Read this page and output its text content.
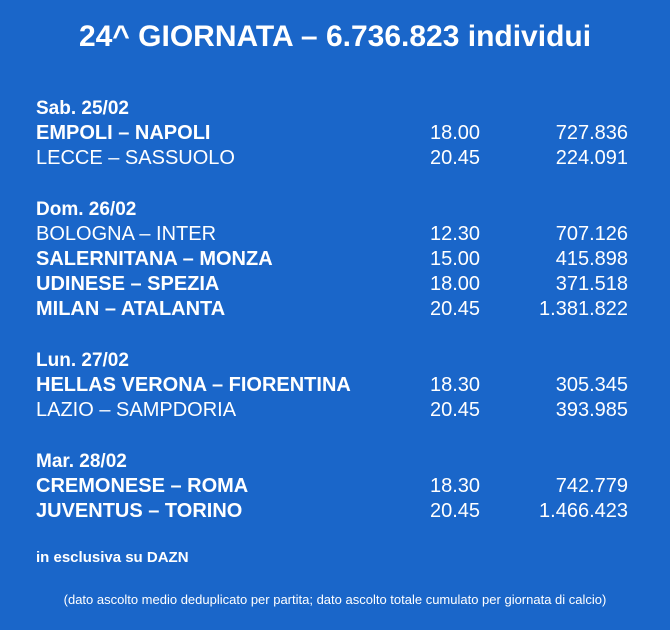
24^ GIORNATA – 6.736.823 individui
Sab. 25/02
EMPOLI – NAPOLI	18.00	727.836
LECCE – SASSUOLO	20.45	224.091
Dom. 26/02
BOLOGNA – INTER	12.30	707.126
SALERNITANA – MONZA	15.00	415.898
UDINESE – SPEZIA	18.00	371.518
MILAN – ATALANTA	20.45	1.381.822
Lun. 27/02
HELLAS VERONA – FIORENTINA	18.30	305.345
LAZIO – SAMPDORIA	20.45	393.985
Mar. 28/02
CREMONESE – ROMA	18.30	742.779
JUVENTUS – TORINO	20.45	1.466.423
in esclusiva su DAZN
(dato ascolto medio deduplicato per partita; dato ascolto totale cumulato per giornata di calcio)
